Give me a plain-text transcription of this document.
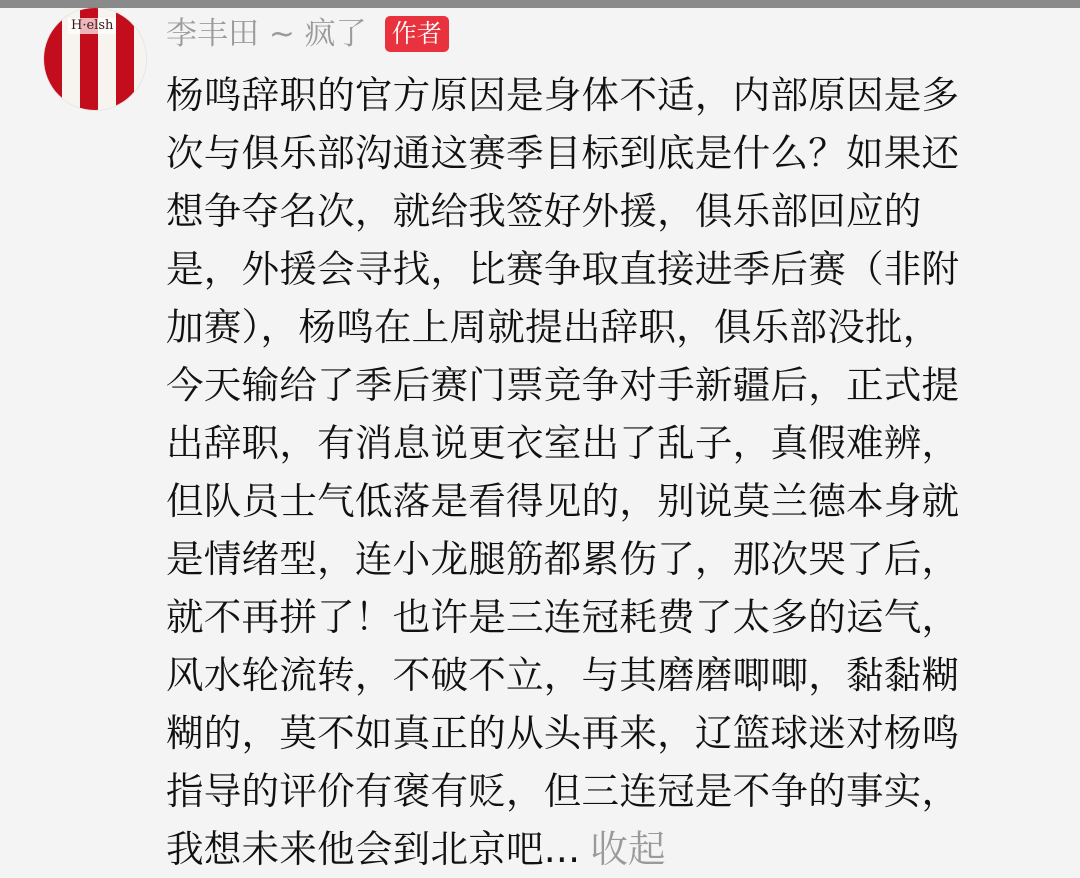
H·elsh 李丰田 ~ 疯了 作者
杨鸣辞职的官方原因是身体不适，内部原因是多
次与俱乐部沟通这赛季目标到底是什么？如果还
想争夺名次，就给我签好外援，俱乐部回应的
是，外援会寻找，比赛争取直接进季后赛（非附
加赛），杨鸣在上周就提出辞职，俱乐部没批，
今天输给了季后赛门票竞争对手新疆后，正式提
出辞职，有消息说更衣室出了乱子，真假难辨，
但队员士气低落是看得见的，别说莫兰德本身就
是情绪型，连小龙腿筋都累伤了，那次哭了后，
就不再拼了！也许是三连冠耗费了太多的运气，
风水轮流转，不破不立，与其磨磨唧唧，黏黏糊
糊的，莫不如真正的从头再来，辽篮球迷对杨鸣
指导的评价有褒有贬，但三连冠是不争的事实，
我想未来他会到北京吧... 收起
